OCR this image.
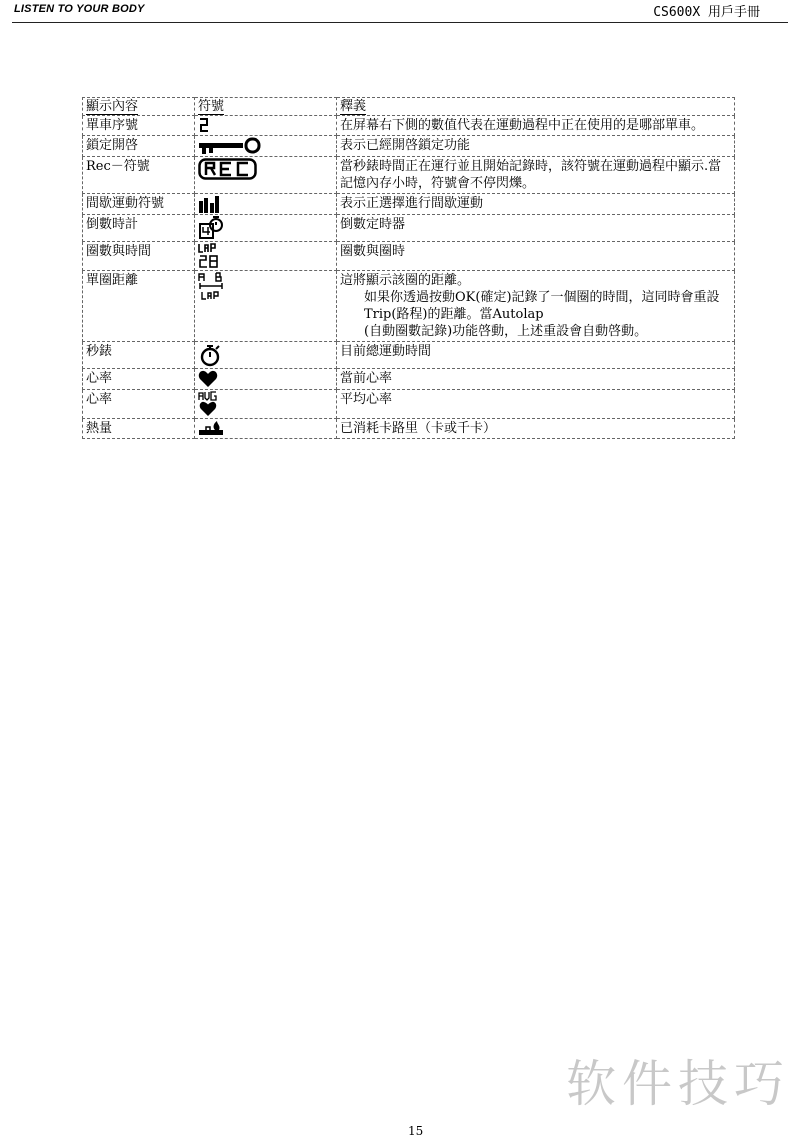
LISTEN TO YOUR BODY	CS600X 用戶手冊
顯示內容	符號	釋義
單車序號		在屏幕右下側的數值代表在運動過程中正在使用的是哪部單車。
鎖定開啓		表示已經開啓鎖定功能
Rec－符號		當秒錶時間正在運行並且開始記錄時，該符號在運動過程中顯示.當記憶內存小時，符號會不停閃爍。
間歇運動符號		表示正選擇進行間歇運動
倒數時計		倒數定時器
圈數與時間		圈數與圈時
單圈距離		這將顯示該圈的距離。
如果你透過按動OK(確定)記錄了一個圈的時間，這同時會重設Trip(路程)的距離。當Autolap
(自動圈數記錄)功能啓動，上述重設會自動啓動。

秒錶		目前總運動時間
心率		當前心率
心率		平均心率
熱量		已消耗卡路里（卡或千卡）
软件技巧
15
